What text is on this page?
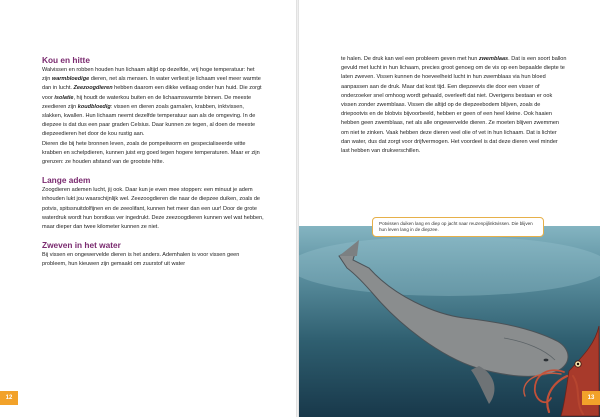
Kou en hitte

Walvissen en robben houden hun lichaam altijd op dezelfde, vrij hoge temperatuur: het zijn warmbloedige dieren, net als mensen. In water verliest je lichaam veel meer warmte dan in lucht. Zeezoogdieren hebben daarom een dikke vetlaag onder hun huid. Die zorgt voor isolatie, hij houdt de waterkou buiten en de lichaamswarmte binnen. De meeste zeedieren zijn koudbloedig: vissen en dieren zoals garnalen, krabben, inktvissen, slakken, kwallen. Hun lichaam neemt dezelfde temperatuur aan als de omgeving. In de diepzee is dat dus een paar graden Celsius. Daar kunnen ze tegen, al doen de meeste diepzeedieren het door de kou rustig aan.

Dieren die bij hete bronnen leven, zoals de pompeiiworm en gespecialiseerde witte krabben en schelpdieren, kunnen juist erg goed tegen hogere temperaturen. Maar er zijn grenzen: ze houden afstand van de grootste hitte.

Lange adem

Zoogdieren ademen lucht, jij ook. Daar kun je even mee stoppen: een minuut je adem inhouden lukt jou waarschijnlijk wel. Zeezoogdieren die naar de diepzee duiken, zoals de potvis, spitssnuitdolfijnen en de zeeolifant, kunnen het meer dan een uur! Door de grote waterdruk wordt hun borstkas ver ingedrukt. Deze zeezoogdieren kunnen wel wat hebben, maar dieper dan twee kilometer kunnen ze niet.

Zweven in het water

Bij vissen en ongewervelde dieren is het anders. Ademhalen is voor vissen geen probleem, hun kieuwen zijn gemaakt om zuurstof uit water

12

te halen. De druk kan wel een probleem geven met hun zwemblaas. Dat is een soort ballon gevuld met lucht in hun lichaam, precies groot genoeg om de vis op een bepaalde diepte te laten zweven. Vissen kunnen de hoeveelheid lucht in hun zwemblaas via hun bloed aanpassen aan de druk. Maar dat kost tijd. Een diepzeevis die door een visser of onderzoeker snel omhoog wordt gehaald, overleeft dat niet. Overigens bestaan er ook vissen zonder zwemblaas. Vissen die altijd op de diepzeebodem blijven, zoals de driepootvis en de blobvis bijvoorbeeld, hebben er geen of een heel kleine. Ook haaien hebben geen zwemblaas, net als alle ongewervelde dieren. Ze moeten blijven zwemmen om niet te zinken. Vaak hebben deze dieren veel olie of vet in hun lichaam. Dat is lichter dan water, dus dat zorgt voor drijfvermogen. Het voordeel is dat deze dieren veel minder last hebben van drukverschillen.

Potvissen duiken lang en diep op jacht naar reuzenpijlinktvissen. Die blijven hun leven lang in de diepzee.
13
